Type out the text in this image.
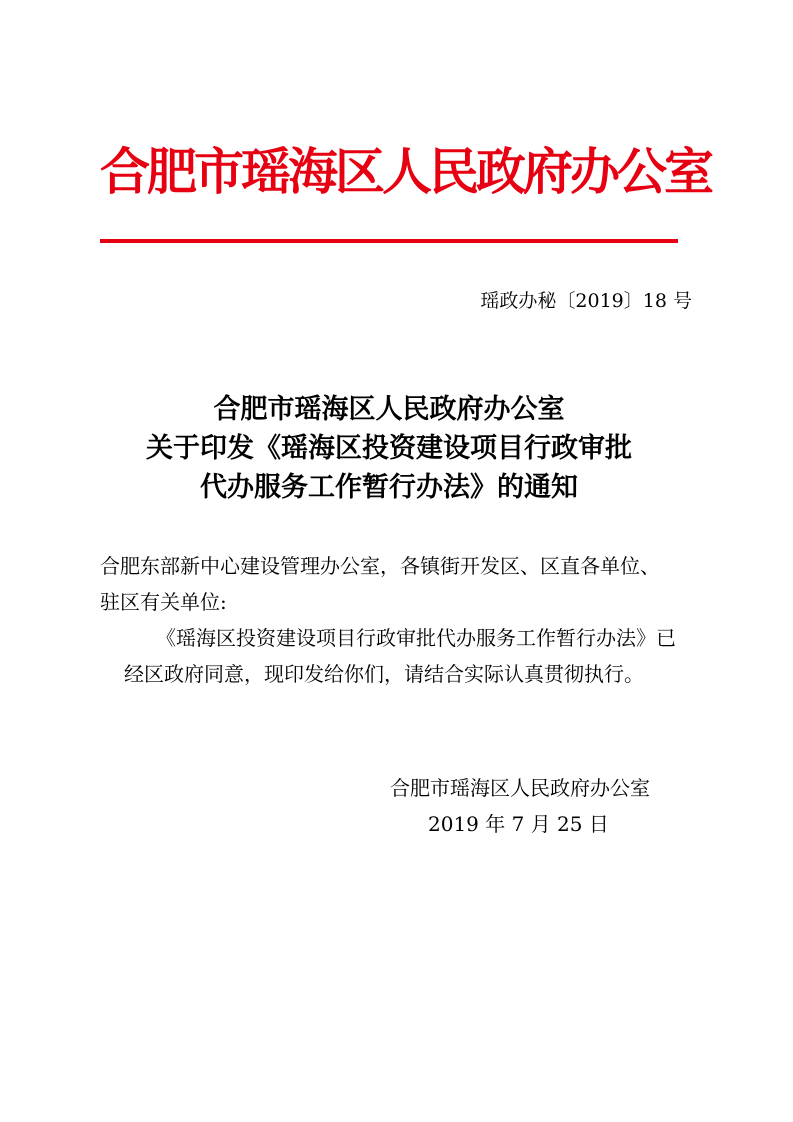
合肥市瑶海区人民政府办公室
瑶政办秘〔2019〕18 号
合肥市瑶海区人民政府办公室
关于印发《瑶海区投资建设项目行政审批
代办服务工作暂行办法》的通知

合肥东部新中心建设管理办公室，各镇街开发区、区直各单位、

驻区有关单位:

《瑶海区投资建设项目行政审批代办服务工作暂行办法》已

经区政府同意，现印发给你们，请结合实际认真贯彻执行。

合肥市瑶海区人民政府办公室
2019 年 7 月 25 日
